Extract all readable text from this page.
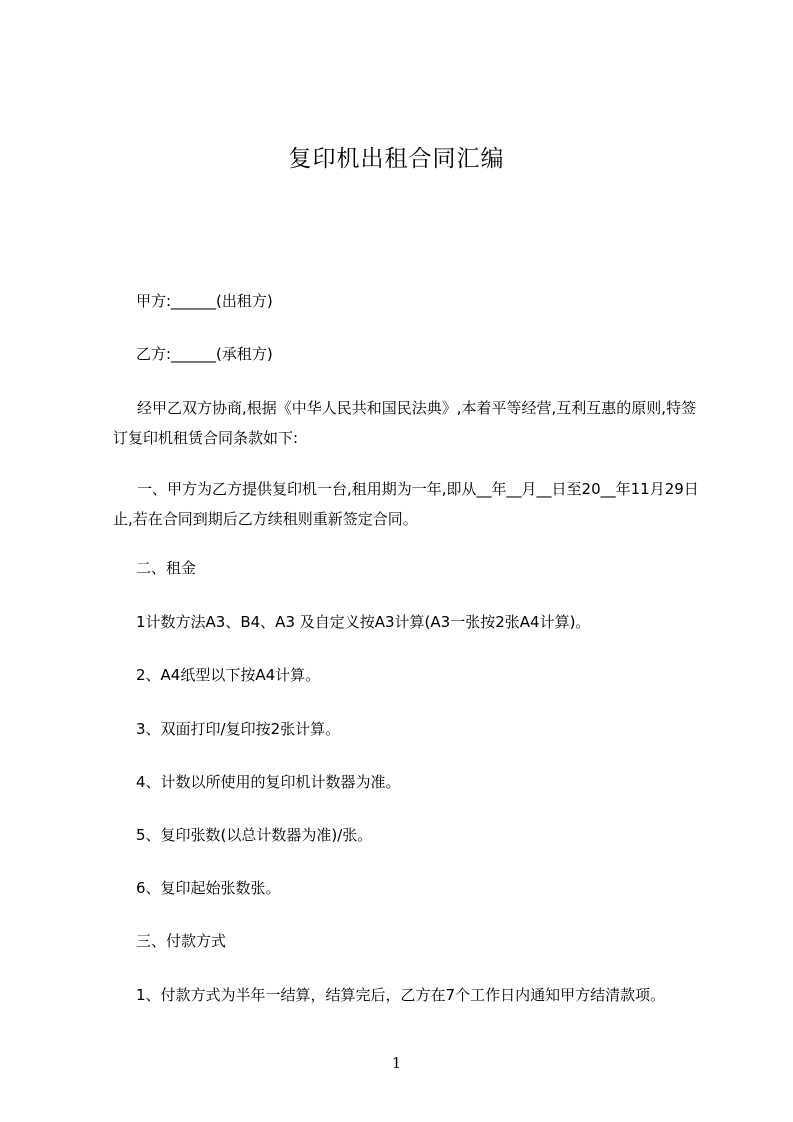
复印机出租合同汇编

甲方:______(出租方)

乙方:______(承租方)

经甲乙双方协商,根据《中华人民共和国民法典》,本着平等经营,互利互惠的原则,特签订复印机租赁合同条款如下:

一、甲方为乙方提供复印机一台,租用期为一年,即从__年__月__日至20__年11月29日止,若在合同到期后乙方续租则重新签定合同。

二、租金

1计数方法A3、B4、A3 及自定义按A3计算(A3一张按2张A4计算)。

2、A4纸型以下按A4计算。

3、双面打印/复印按2张计算。

4、计数以所使用的复印机计数器为准。

5、复印张数(以总计数器为准)/张。

6、复印起始张数张。

三、付款方式

1、付款方式为半年一结算，结算完后，乙方在7个工作日内通知甲方结清款项。

1
